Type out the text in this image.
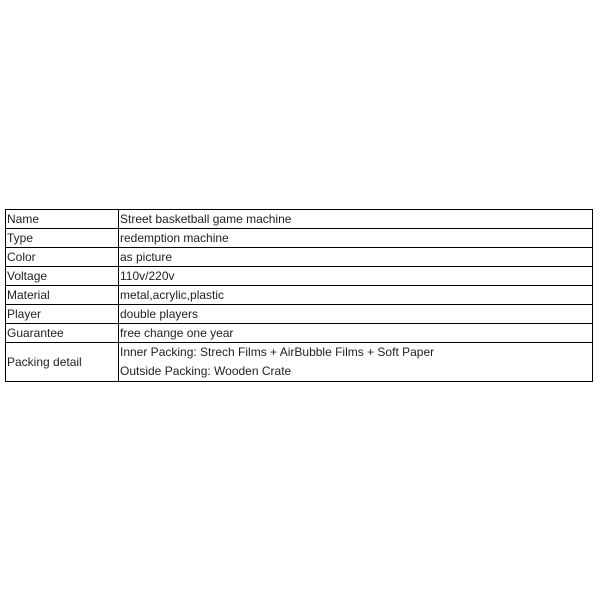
Name	Street basketball game machine
Type	redemption machine
Color	as picture
Voltage	110v/220v
Material	metal,acrylic,plastic
Player	double players
Guarantee	free change one year
Packing detail	Inner Packing: Strech Films + AirBubble Films + Soft Paper
Outside Packing: Wooden Crate
